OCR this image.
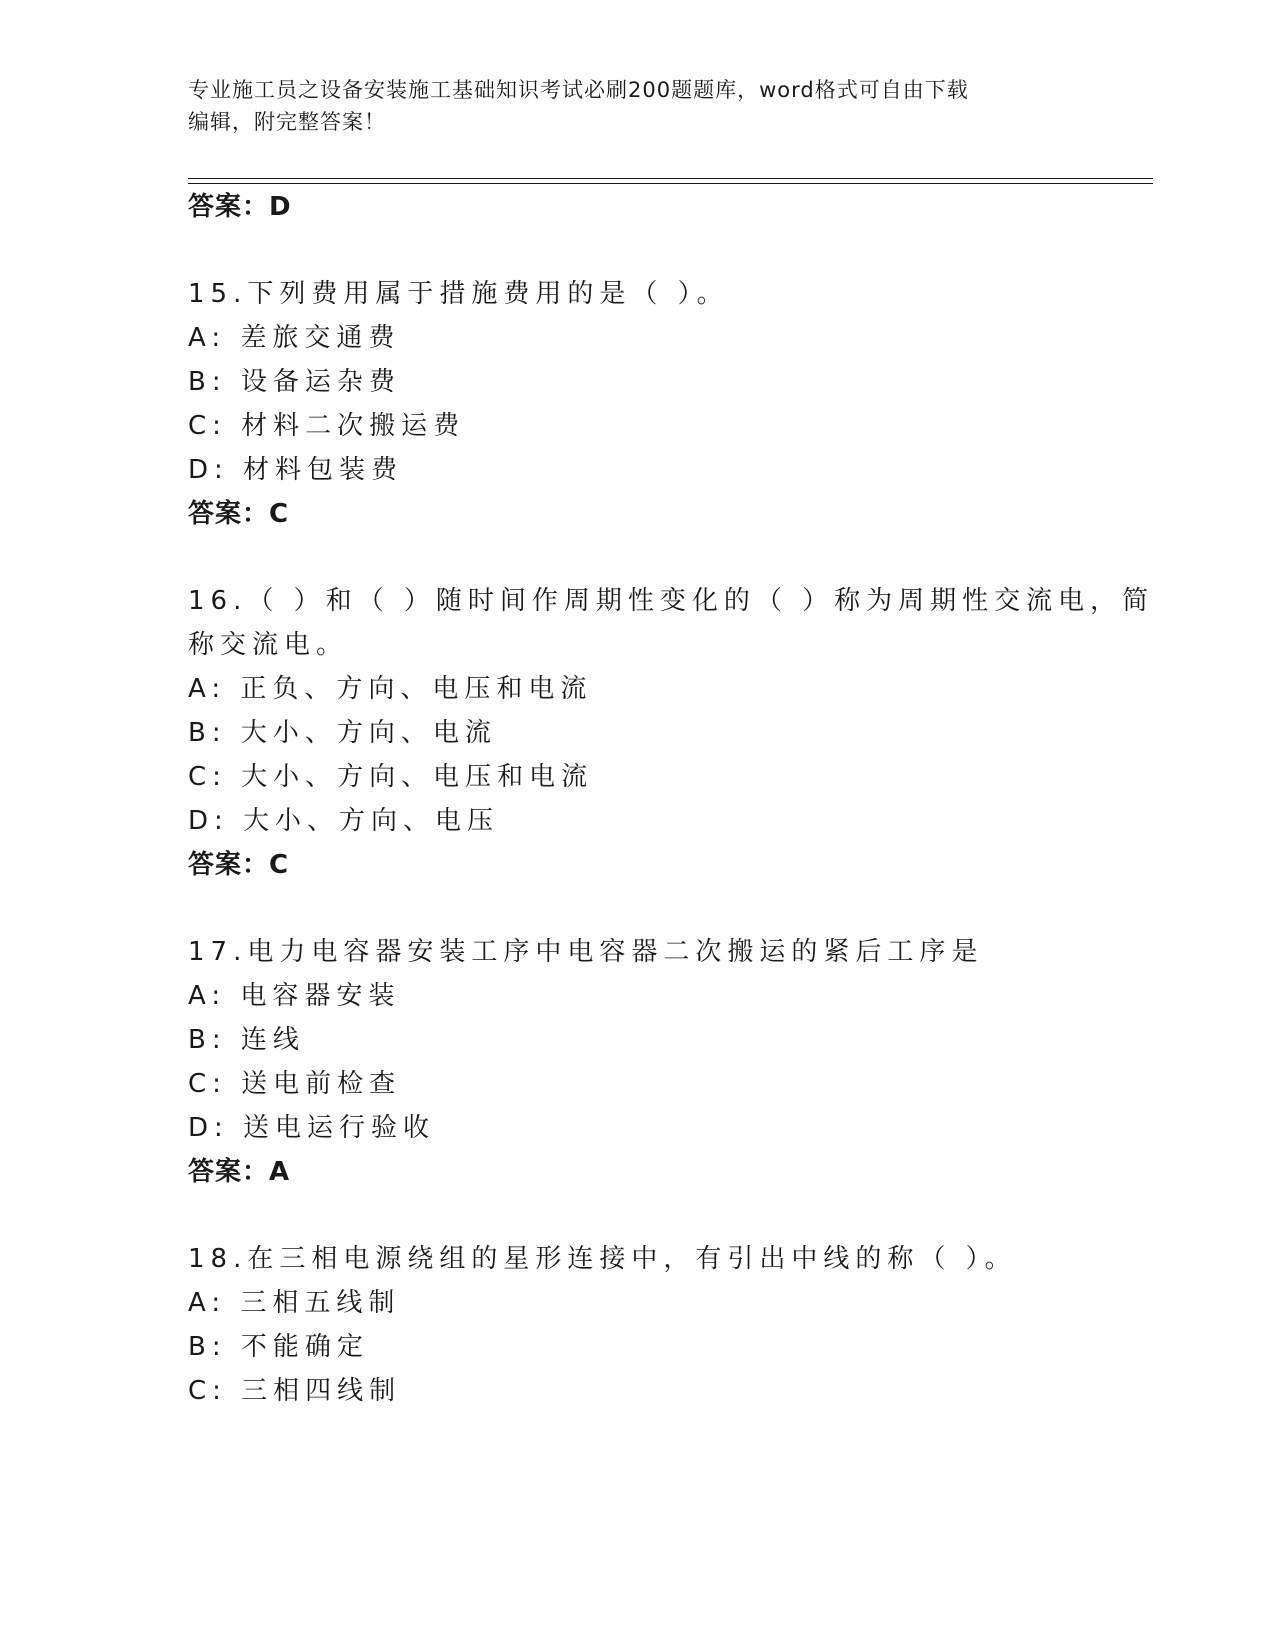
专业施工员之设备安装施工基础知识考试必刷200题题库，word格式可自由下载
编辑，附完整答案！
答案：D
15.下列费用属于措施费用的是（ ）。
A: 差旅交通费
B: 设备运杂费
C: 材料二次搬运费
D: 材料包装费
答案：C
16.（ ）和（ ）随时间作周期性变化的（ ）称为周期性交流电，简
称交流电。
A: 正负、方向、电压和电流
B: 大小、方向、电流
C: 大小、方向、电压和电流
D: 大小、方向、电压
答案：C
17.电力电容器安装工序中电容器二次搬运的紧后工序是
A: 电容器安装
B: 连线
C: 送电前检查
D: 送电运行验收
答案：A
18.在三相电源绕组的星形连接中，有引出中线的称（ ）。
A: 三相五线制
B: 不能确定
C: 三相四线制
